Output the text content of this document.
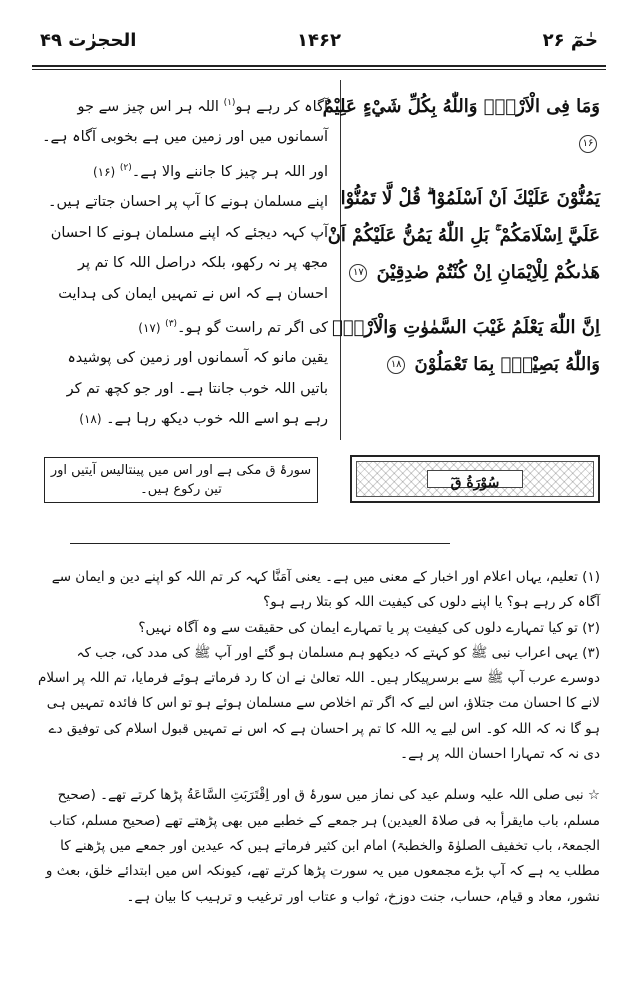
حٰمٓ ۲۶
۱۴۶۲
الحجرٰت ۴۹

وَمَا فِى الْاَرْضِۜ وَاللّٰهُ بِكُلِّ شَيْءٍ عَلِيْمٌ ۱۶

يَمُنُّوْنَ عَلَيْكَ اَنْ اَسْلَمُوْا ۗ قُلْ لَّا تَمُنُّوْا عَلَيَّ اِسْلَامَكُمْ ۚ بَلِ اللّٰهُ يَمُنُّ عَلَيْكُمْ اَنْ هَدٰىكُمْ لِلْاِيْمَانِ اِنْ كُنْتُمْ صٰدِقِيْنَ ۱۷

اِنَّ اللّٰهَ يَعْلَمُ غَيْبَ السَّمٰوٰتِ وَالْاَرْضِۗ وَاللّٰهُ بَصِيْرٌۢ بِمَا تَعْمَلُوْنَ ۱۸

آگاہ کر رہے ہو$^{(۱)}$ اللہ ہر اس چیز سے جو آسمانوں میں اور زمین میں ہے بخوبی آگاہ ہے۔ اور اللہ ہر چیز کا جاننے والا ہے۔$^{(۲)}$ (۱۶)
اپنے مسلمان ہونے کا آپ پر احسان جتاتے ہیں۔ آپ کہہ دیجئے کہ اپنے مسلمان ہونے کا احسان مجھ پر نہ رکھو، بلکہ دراصل اللہ کا تم پر احسان ہے کہ اس نے تمہیں ایمان کی ہدایت کی اگر تم راست گو ہو۔$^{(۳)}$ (۱۷)
یقین مانو کہ آسمانوں اور زمین کی پوشیدہ باتیں اللہ خوب جانتا ہے۔ اور جو کچھ تم کر رہے ہو اسے اللہ خوب دیکھ رہا ہے۔ (۱۸)
سُوْرَةُ قٓ
سورۂ ق مکی ہے اور اس میں پینتالیس آیتیں اور
تین رکوع ہیں۔

(۱) تعلیم، یہاں اعلام اور اخبار کے معنی میں ہے۔ یعنی آمَنَّا کہہ کر تم اللہ کو اپنے دین و ایمان سے آگاہ کر رہے ہو؟ یا اپنے دلوں کی کیفیت اللہ کو بتلا رہے ہو؟

(۲) تو کیا تمہارے دلوں کی کیفیت پر یا تمہارے ایمان کی حقیقت سے وہ آگاہ نہیں؟

(۳) یہی اعراب نبی ﷺ کو کہتے کہ دیکھو ہم مسلمان ہو گئے اور آپ ﷺ کی مدد کی، جب کہ دوسرے عرب آپ ﷺ سے برسرپیکار ہیں۔ اللہ تعالیٰ نے ان کا رد فرماتے ہوئے فرمایا، تم اللہ پر اسلام لانے کا احسان مت جتلاؤ، اس لیے کہ اگر تم اخلاص سے مسلمان ہوئے ہو تو اس کا فائدہ تمہیں ہی ہو گا نہ کہ اللہ کو۔ اس لیے یہ اللہ کا تم پر احسان ہے کہ اس نے تمہیں قبول اسلام کی توفیق دے دی نہ کہ تمہارا احسان اللہ پر ہے۔

☆ نبی صلی اللہ علیہ وسلم عید کی نماز میں سورۂ ق اور اِقْتَرَبَتِ السَّاعَةُ پڑھا کرتے تھے۔ (صحیح مسلم، باب مایقرأ بہ فی صلاۃ العیدین) ہر جمعے کے خطبے میں بھی پڑھتے تھے (صحیح مسلم، کتاب الجمعۃ، باب تخفیف الصلوٰۃ والخطبۃ) امام ابن کثیر فرماتے ہیں کہ عیدین اور جمعے میں پڑھنے کا مطلب یہ ہے کہ آپ بڑے مجمعوں میں یہ سورت پڑھا کرتے تھے، کیونکہ اس میں ابتدائے خلق، بعث و نشور، معاد و قیام، حساب، جنت دوزخ، ثواب و عتاب اور ترغیب و ترہیب کا بیان ہے۔
